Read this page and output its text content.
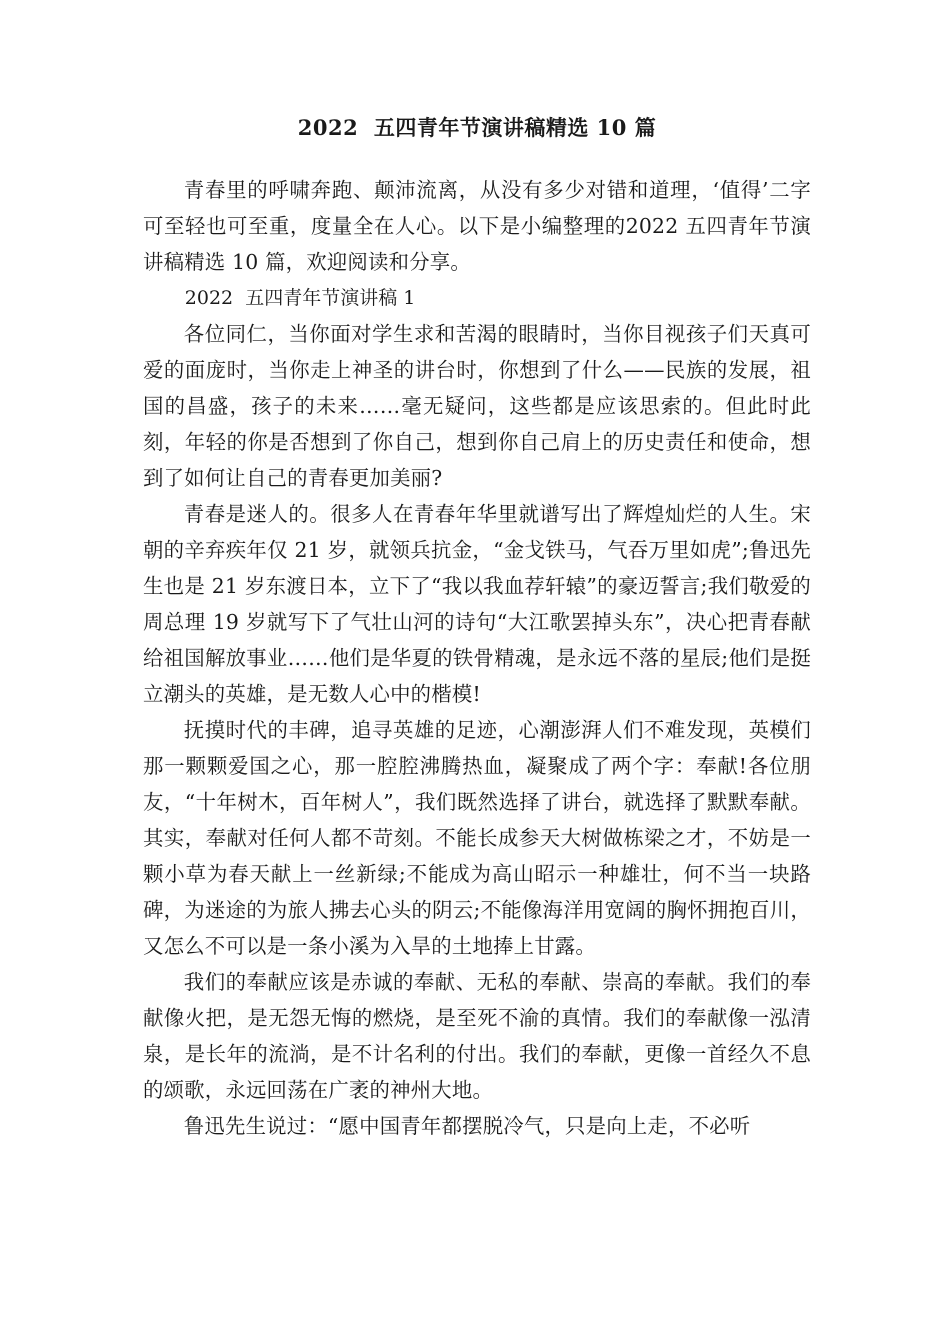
2022  五四青年节演讲稿精选 10 篇

青春里的呼啸奔跑、颠沛流离，从没有多少对错和道理，‘值得’二字可至轻也可至重，度量全在人心。以下是小编整理的2022 五四青年节演讲稿精选 10 篇，欢迎阅读和分享。

2022  五四青年节演讲稿 1

各位同仁，当你面对学生求和苦渴的眼睛时，当你目视孩子们天真可爱的面庞时，当你走上神圣的讲台时，你想到了什么——民族的发展，祖国的昌盛，孩子的未来……毫无疑问，这些都是应该思索的。但此时此刻，年轻的你是否想到了你自己，想到你自己肩上的历史责任和使命，想到了如何让自己的青春更加美丽?

青春是迷人的。很多人在青春年华里就谱写出了辉煌灿烂的人生。宋朝的辛弃疾年仅 21 岁，就领兵抗金，“金戈铁马，气吞万里如虎”;鲁迅先生也是 21 岁东渡日本，立下了“我以我血荐轩辕”的豪迈誓言;我们敬爱的周总理 19 岁就写下了气壮山河的诗句“大江歌罢掉头东”，决心把青春献给祖国解放事业……他们是华夏的铁骨精魂，是永远不落的星辰;他们是挺立潮头的英雄，是无数人心中的楷模!

抚摸时代的丰碑，追寻英雄的足迹，心潮澎湃人们不难发现，英模们那一颗颗爱国之心，那一腔腔沸腾热血，凝聚成了两个字：奉献!各位朋友，“十年树木，百年树人”，我们既然选择了讲台，就选择了默默奉献。其实，奉献对任何人都不苛刻。不能长成参天大树做栋梁之才，不妨是一颗小草为春天献上一丝新绿;不能成为高山昭示一种雄壮，何不当一块路碑，为迷途的为旅人拂去心头的阴云;不能像海洋用宽阔的胸怀拥抱百川，又怎么不可以是一条小溪为入旱的土地捧上甘露。

我们的奉献应该是赤诚的奉献、无私的奉献、崇高的奉献。我们的奉献像火把，是无怨无悔的燃烧，是至死不渝的真情。我们的奉献像一泓清泉，是长年的流淌，是不计名利的付出。我们的奉献，更像一首经久不息的颂歌，永远回荡在广袤的神州大地。

鲁迅先生说过：“愿中国青年都摆脱冷气，只是向上走，不必听
